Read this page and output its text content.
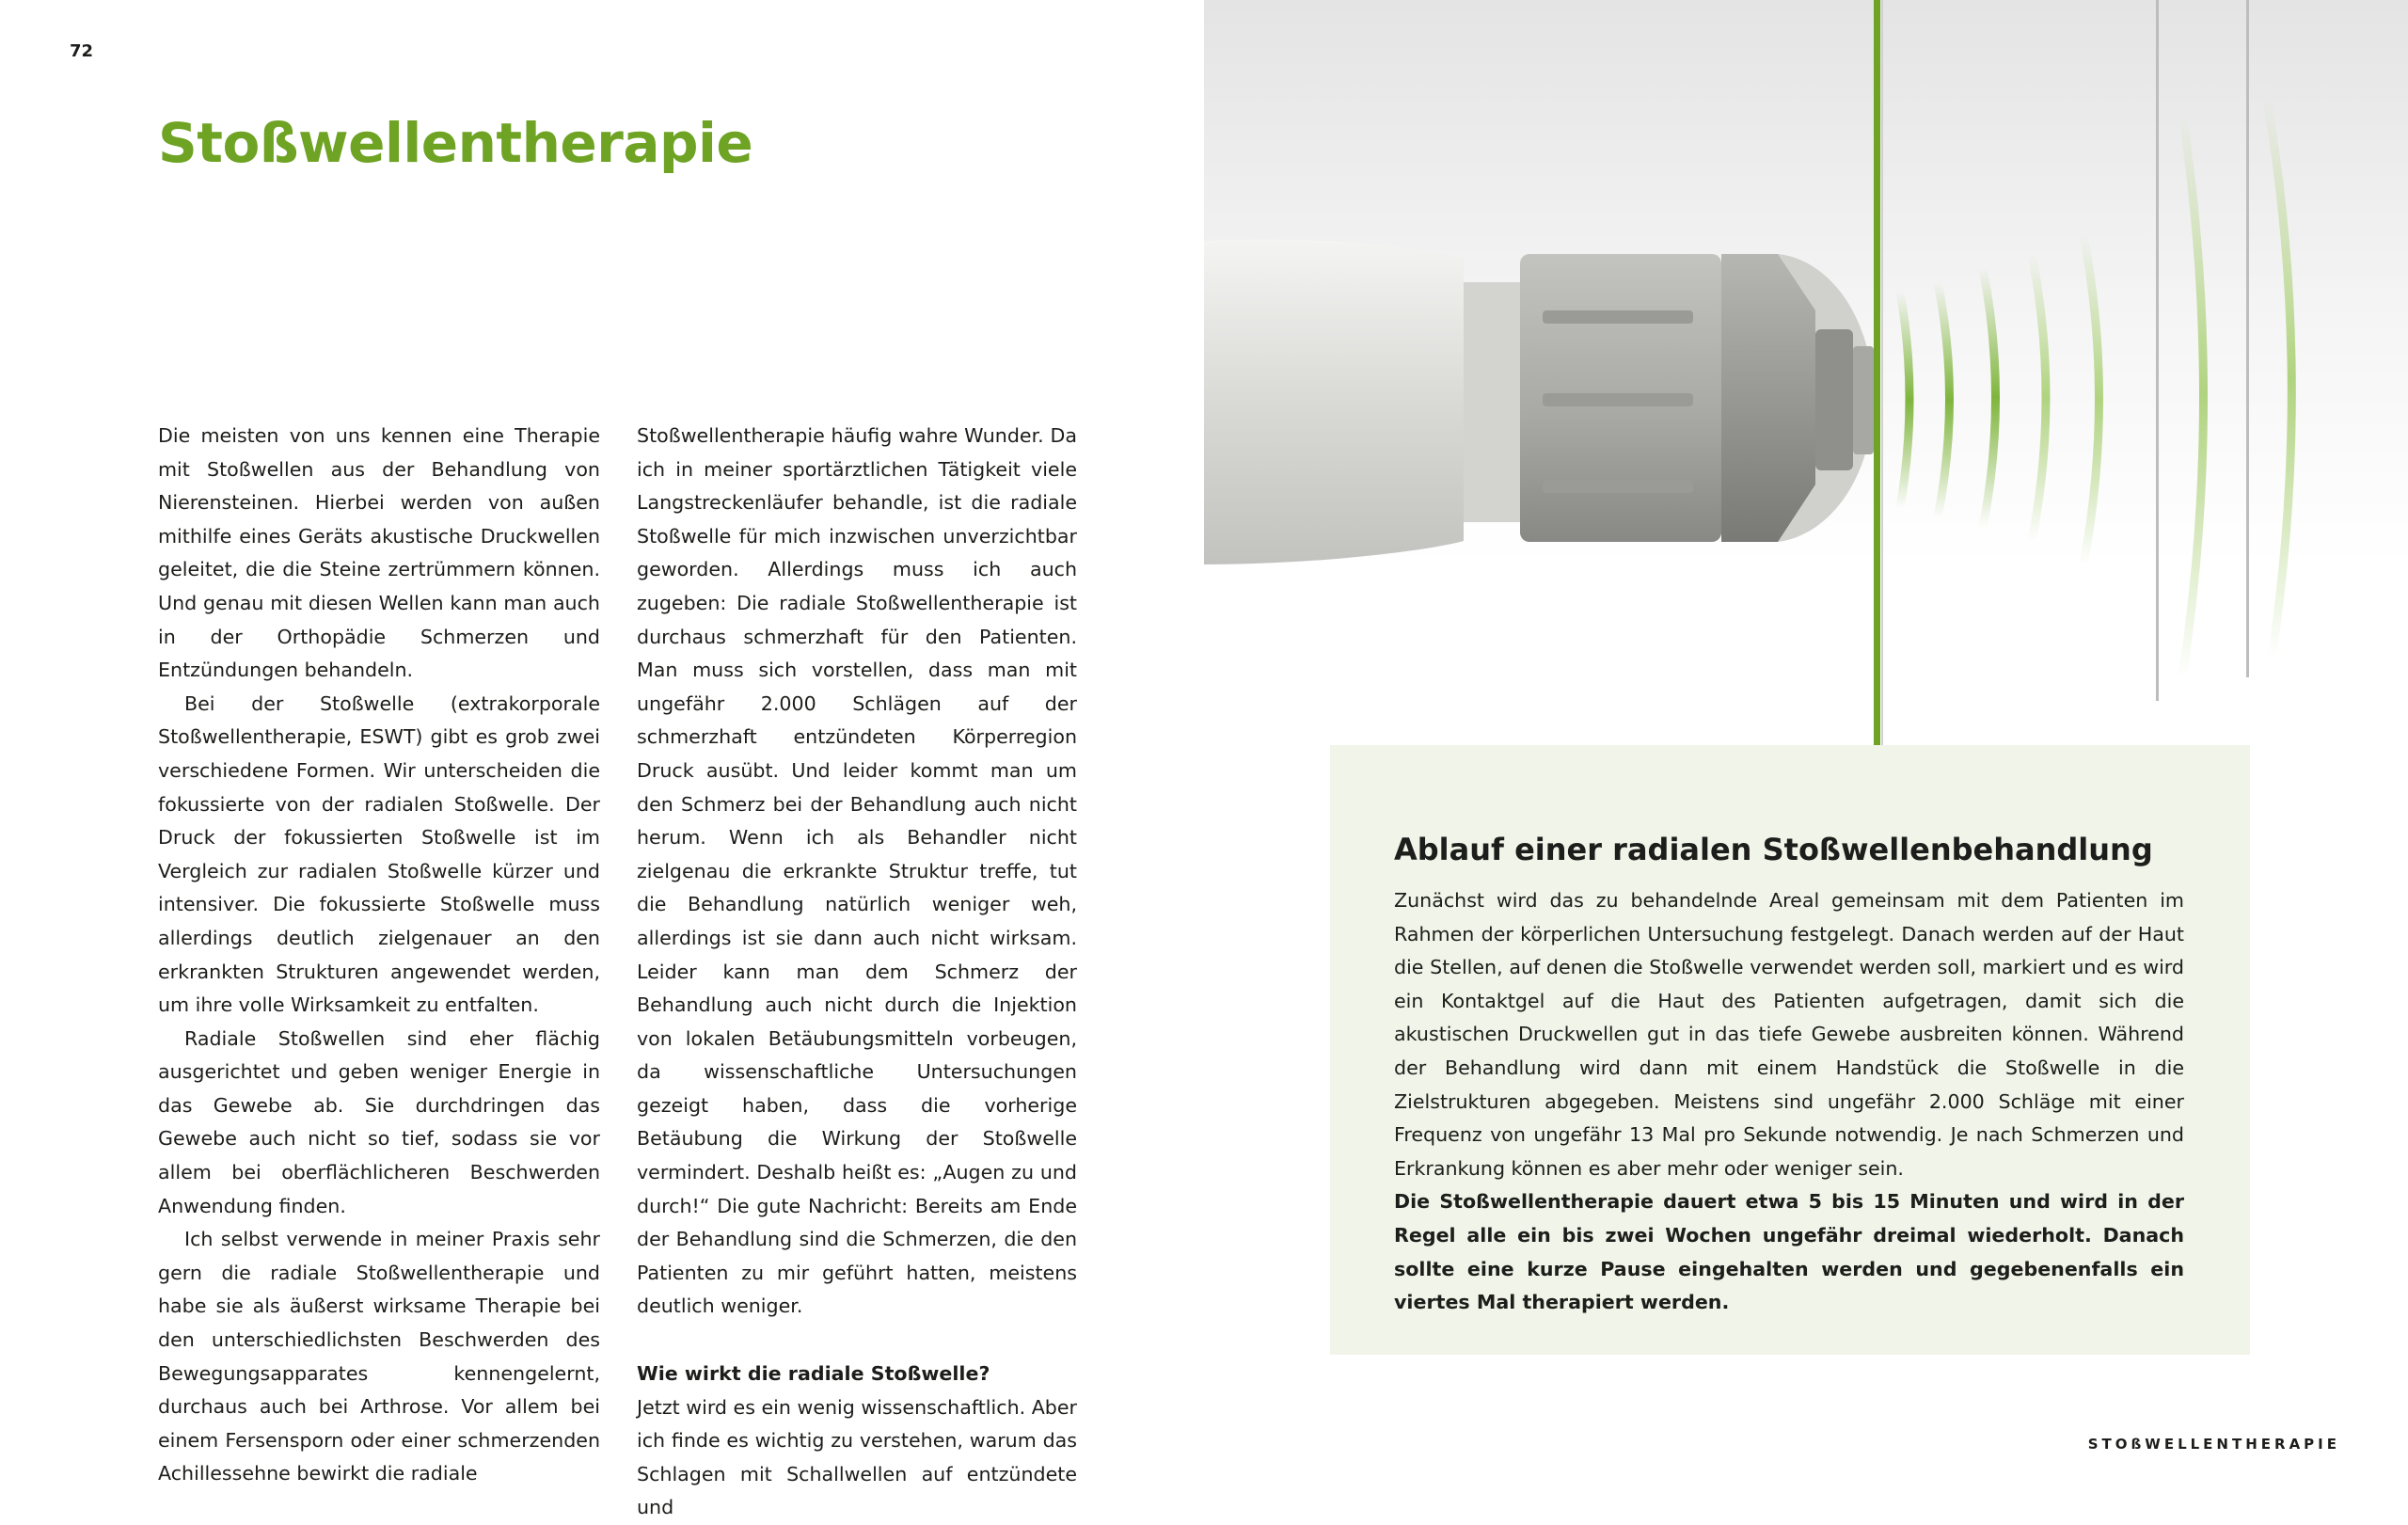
72
Stoßwellentherapie

Die meisten von uns kennen eine Therapie mit Stoßwellen aus der Behandlung von Nierensteinen. Hierbei werden von außen mithilfe eines Geräts akustische Druckwellen geleitet, die die Steine zertrümmern können. Und genau mit diesen Wellen kann man auch in der Orthopädie Schmerzen und Entzündungen behandeln.

Bei der Stoßwelle (extrakorporale Stoßwellentherapie, ESWT) gibt es grob zwei verschiedene Formen. Wir unterscheiden die fokussierte von der radialen Stoßwelle. Der Druck der fokussierten Stoßwelle ist im Vergleich zur radialen Stoßwelle kürzer und intensiver. Die fokussierte Stoßwelle muss allerdings deutlich zielgenauer an den erkrankten Strukturen angewendet werden, um ihre volle Wirksamkeit zu entfalten.

Radiale Stoßwellen sind eher flächig ausgerichtet und geben weniger Energie in das Gewebe ab. Sie durchdringen das Gewebe auch nicht so tief, sodass sie vor allem bei oberflächlicheren Beschwerden Anwendung finden.

Ich selbst verwende in meiner Praxis sehr gern die radiale Stoßwellentherapie und habe sie als äußerst wirksame Therapie bei den unterschiedlichsten Beschwerden des Bewegungsapparates kennengelernt, durchaus auch bei Arthrose. Vor allem bei einem Fersensporn oder einer schmerzenden Achillessehne bewirkt die radiale

Stoßwellentherapie häufig wahre Wunder. Da ich in meiner sportärztlichen Tätigkeit viele Langstreckenläufer behandle, ist die radiale Stoßwelle für mich inzwischen unverzichtbar geworden. Allerdings muss ich auch zugeben: Die radiale Stoßwellentherapie ist durchaus schmerzhaft für den Patienten. Man muss sich vorstellen, dass man mit ungefähr 2.000 Schlägen auf der schmerzhaft entzündeten Körperregion Druck ausübt. Und leider kommt man um den Schmerz bei der Behandlung auch nicht herum. Wenn ich als Behandler nicht zielgenau die erkrankte Struktur treffe, tut die Behandlung natürlich weniger weh, allerdings ist sie dann auch nicht wirksam. Leider kann man dem Schmerz der Behandlung auch nicht durch die Injektion von lokalen Betäubungsmitteln vorbeugen, da wissenschaftliche Untersuchungen gezeigt haben, dass die vorherige Betäubung die Wirkung der Stoßwelle vermindert. Deshalb heißt es: „Augen zu und durch!“ Die gute Nachricht: Bereits am Ende der Behandlung sind die Schmerzen, die den Patienten zu mir geführt hatten, meistens deutlich weniger.

Wie wirkt die radiale Stoßwelle?

Jetzt wird es ein wenig wissenschaftlich. Aber ich finde es wichtig zu verstehen, warum das Schlagen mit Schallwellen auf entzündete und

Ablauf einer radialen Stoßwellenbehandlung

Zunächst wird das zu behandelnde Areal gemeinsam mit dem Patienten im Rahmen der körperlichen Untersuchung festgelegt. Danach werden auf der Haut die Stellen, auf denen die Stoßwelle verwendet werden soll, markiert und es wird ein Kontaktgel auf die Haut des Patienten aufgetragen, damit sich die akustischen Druckwellen gut in das tiefe Gewebe ausbreiten können. Während der Behandlung wird dann mit einem Handstück die Stoßwelle in die Zielstrukturen abgegeben. Meistens sind ungefähr 2.000 Schläge mit einer Frequenz von ungefähr 13 Mal pro Sekunde notwendig. Je nach Schmerzen und Erkrankung können es aber mehr oder weniger sein.

Die Stoßwellentherapie dauert etwa 5 bis 15 Minuten und wird in der Regel alle ein bis zwei Wochen ungefähr dreimal wiederholt. Danach sollte eine kurze Pause eingehalten werden und gegebenenfalls ein viertes Mal therapiert werden.

STOßWELLENTHERAPIE
